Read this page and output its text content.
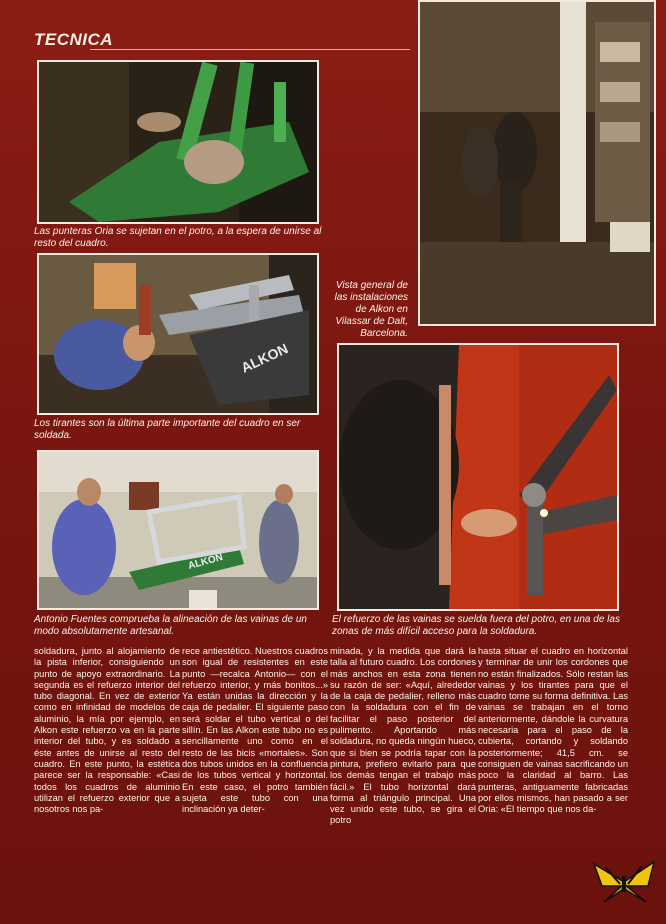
TECNICA
Las punteras Oria se sujetan en el potro, a la espera de unirse al resto del cuadro.
Vista general de las instalaciones de Alkon en Vilassar de Dalt, Barcelona.
ALKON
Los tirantes son la última parte importante del cuadro en ser soldada.
El refuerzo de las vainas se suelda fuera del potro, en una de las zonas de más difícil acceso para la soldadura.
ALKON
Antonio Fuentes comprueba la alineación de las vainas de un modo absolutamente artesanal.
soldadura, junto al alojamiento de la pista inferior, consiguiendo un punto de apoyo extraordinario. La segunda es el refuerzo interior del tubo diagonal. En vez de exterior como en infinidad de modelos de aluminio, la mía por ejemplo, en Alkon este refuerzo va en la parte interior del tubo, y es soldado a éste antes de unirse al resto del cuadro. En este punto, la estética parece ser la responsable: «Casi todos los cuadros de aluminio utilizan el refuerzo exterior que a nosotros nos pa-
rece antiestético. Nuestros cuadros son igual de resistentes en este punto —recalca Antonio— con el refuerzo interior, y más bonitos...» Ya están unidas la dirección y la caja de pedalier. El siguiente paso será soldar el tubo vertical o del sillín. En las Alkon este tubo no es sencillamente uno como en el resto de las bicis «mortales». Son dos tubos unidos en la confluencia de los tubos vertical y horizontal. En este caso, el potro también sujeta este tubo con una inclinación ya deter-
minada, y la medida que dará la talla al futuro cuadro. Los cordones más anchos en esta zona tienen su razón de ser: «Aquí, alrededor de la caja de pedalier, relleno más con la soldadura con el fin de facilitar el paso posterior del pulimento. Aportando más soldadura, no queda ningún hueco, que si bien se podría tapar con la pintura, prefiero evitarlo para que los demás tengan el trabajo más fácil.» El tubo horizontal dará forma al triángulo principal. Una vez unido este tubo, se gira el potro
hasta situar el cuadro en horizontal y terminar de unir los cordones que no están finalizados. Sólo restan las vainas y los tirantes para que el cuadro tome su forma definitiva. Las vainas se trabajan en el torno anteriormente, dándole la curvatura necesaria para el paso de la cubierta, cortando y soldando posteriormente; 41,5 cm. se consiguen de vainas sacrificando un poco la claridad al barro. Las punteras, antiguamente fabricadas por ellos mismos, han pasado a ser Oria: «El tiempo que nos da-
